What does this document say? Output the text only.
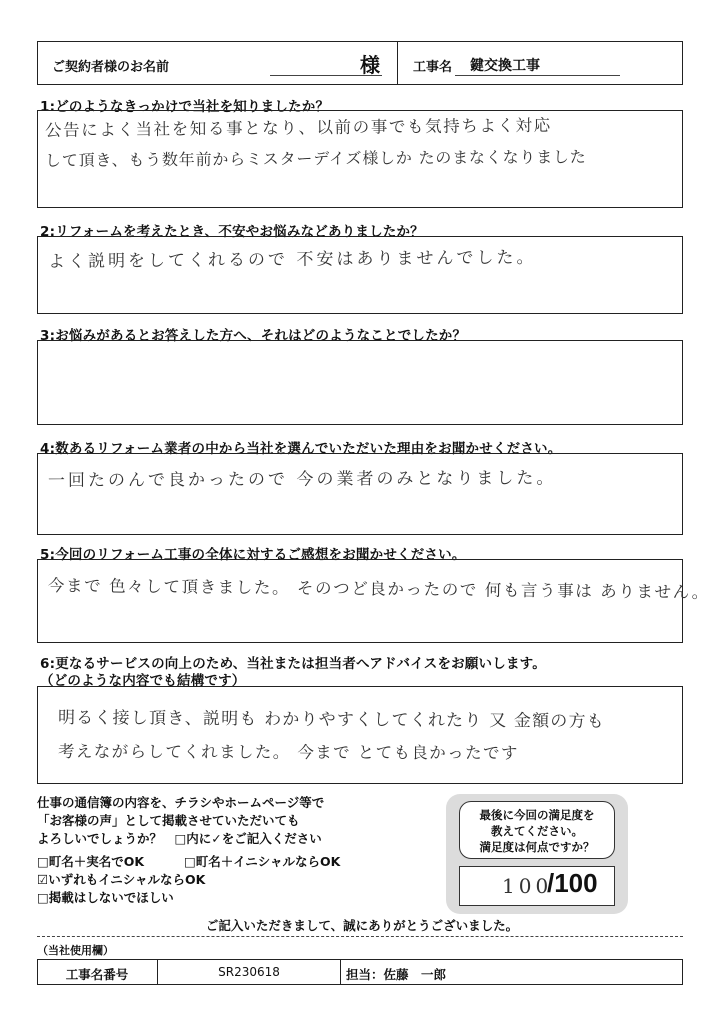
ご契約者様のお名前	様	工事名 鍵交換工事
1:どのようなきっかけで当社を知りましたか？
公告によく当社を知る事となり、以前の事でも気持ちよく対応
して頂き、もう数年前からミスターデイズ様しか たのまなくなりました
2:リフォームを考えたとき、不安やお悩みなどありましたか？
よく説明をしてくれるので 不安はありませんでした。
3:お悩みがあるとお答えした方へ、それはどのようなことでしたか？
4:数あるリフォーム業者の中から当社を選んでいただいた理由をお聞かせください。
一回たのんで良かったので 今の業者のみとなりました。
5:今回のリフォーム工事の全体に対するご感想をお聞かせください。
今まで 色々して頂きました。 そのつど良かったので 何も言う事は ありません。
6:更なるサービスの向上のため、当社または担当者へアドバイスをお願いします。
（どのような内容でも結構です）
明るく接し頂き、説明も わかりやすくしてくれたり 又 金額の方も
考えながらしてくれました。 今まで とても良かったです
仕事の通信簿の内容を、チラシやホームページ等で
「お客様の声」として掲載させていただいても
よろしいでしょうか？　□内に✓をご記入ください
□町名＋実名でOK	□町名＋イニシャルならOK
☑いずれもイニシャルならOK
□掲載はしないでほしい
最後に今回の満足度を
教えてください。
満足度は何点ですか？
100
/100
ご記入いただきまして、誠にありがとうございました。
（当社使用欄）
工事名番号	SR230618	担当：佐藤　一郎
